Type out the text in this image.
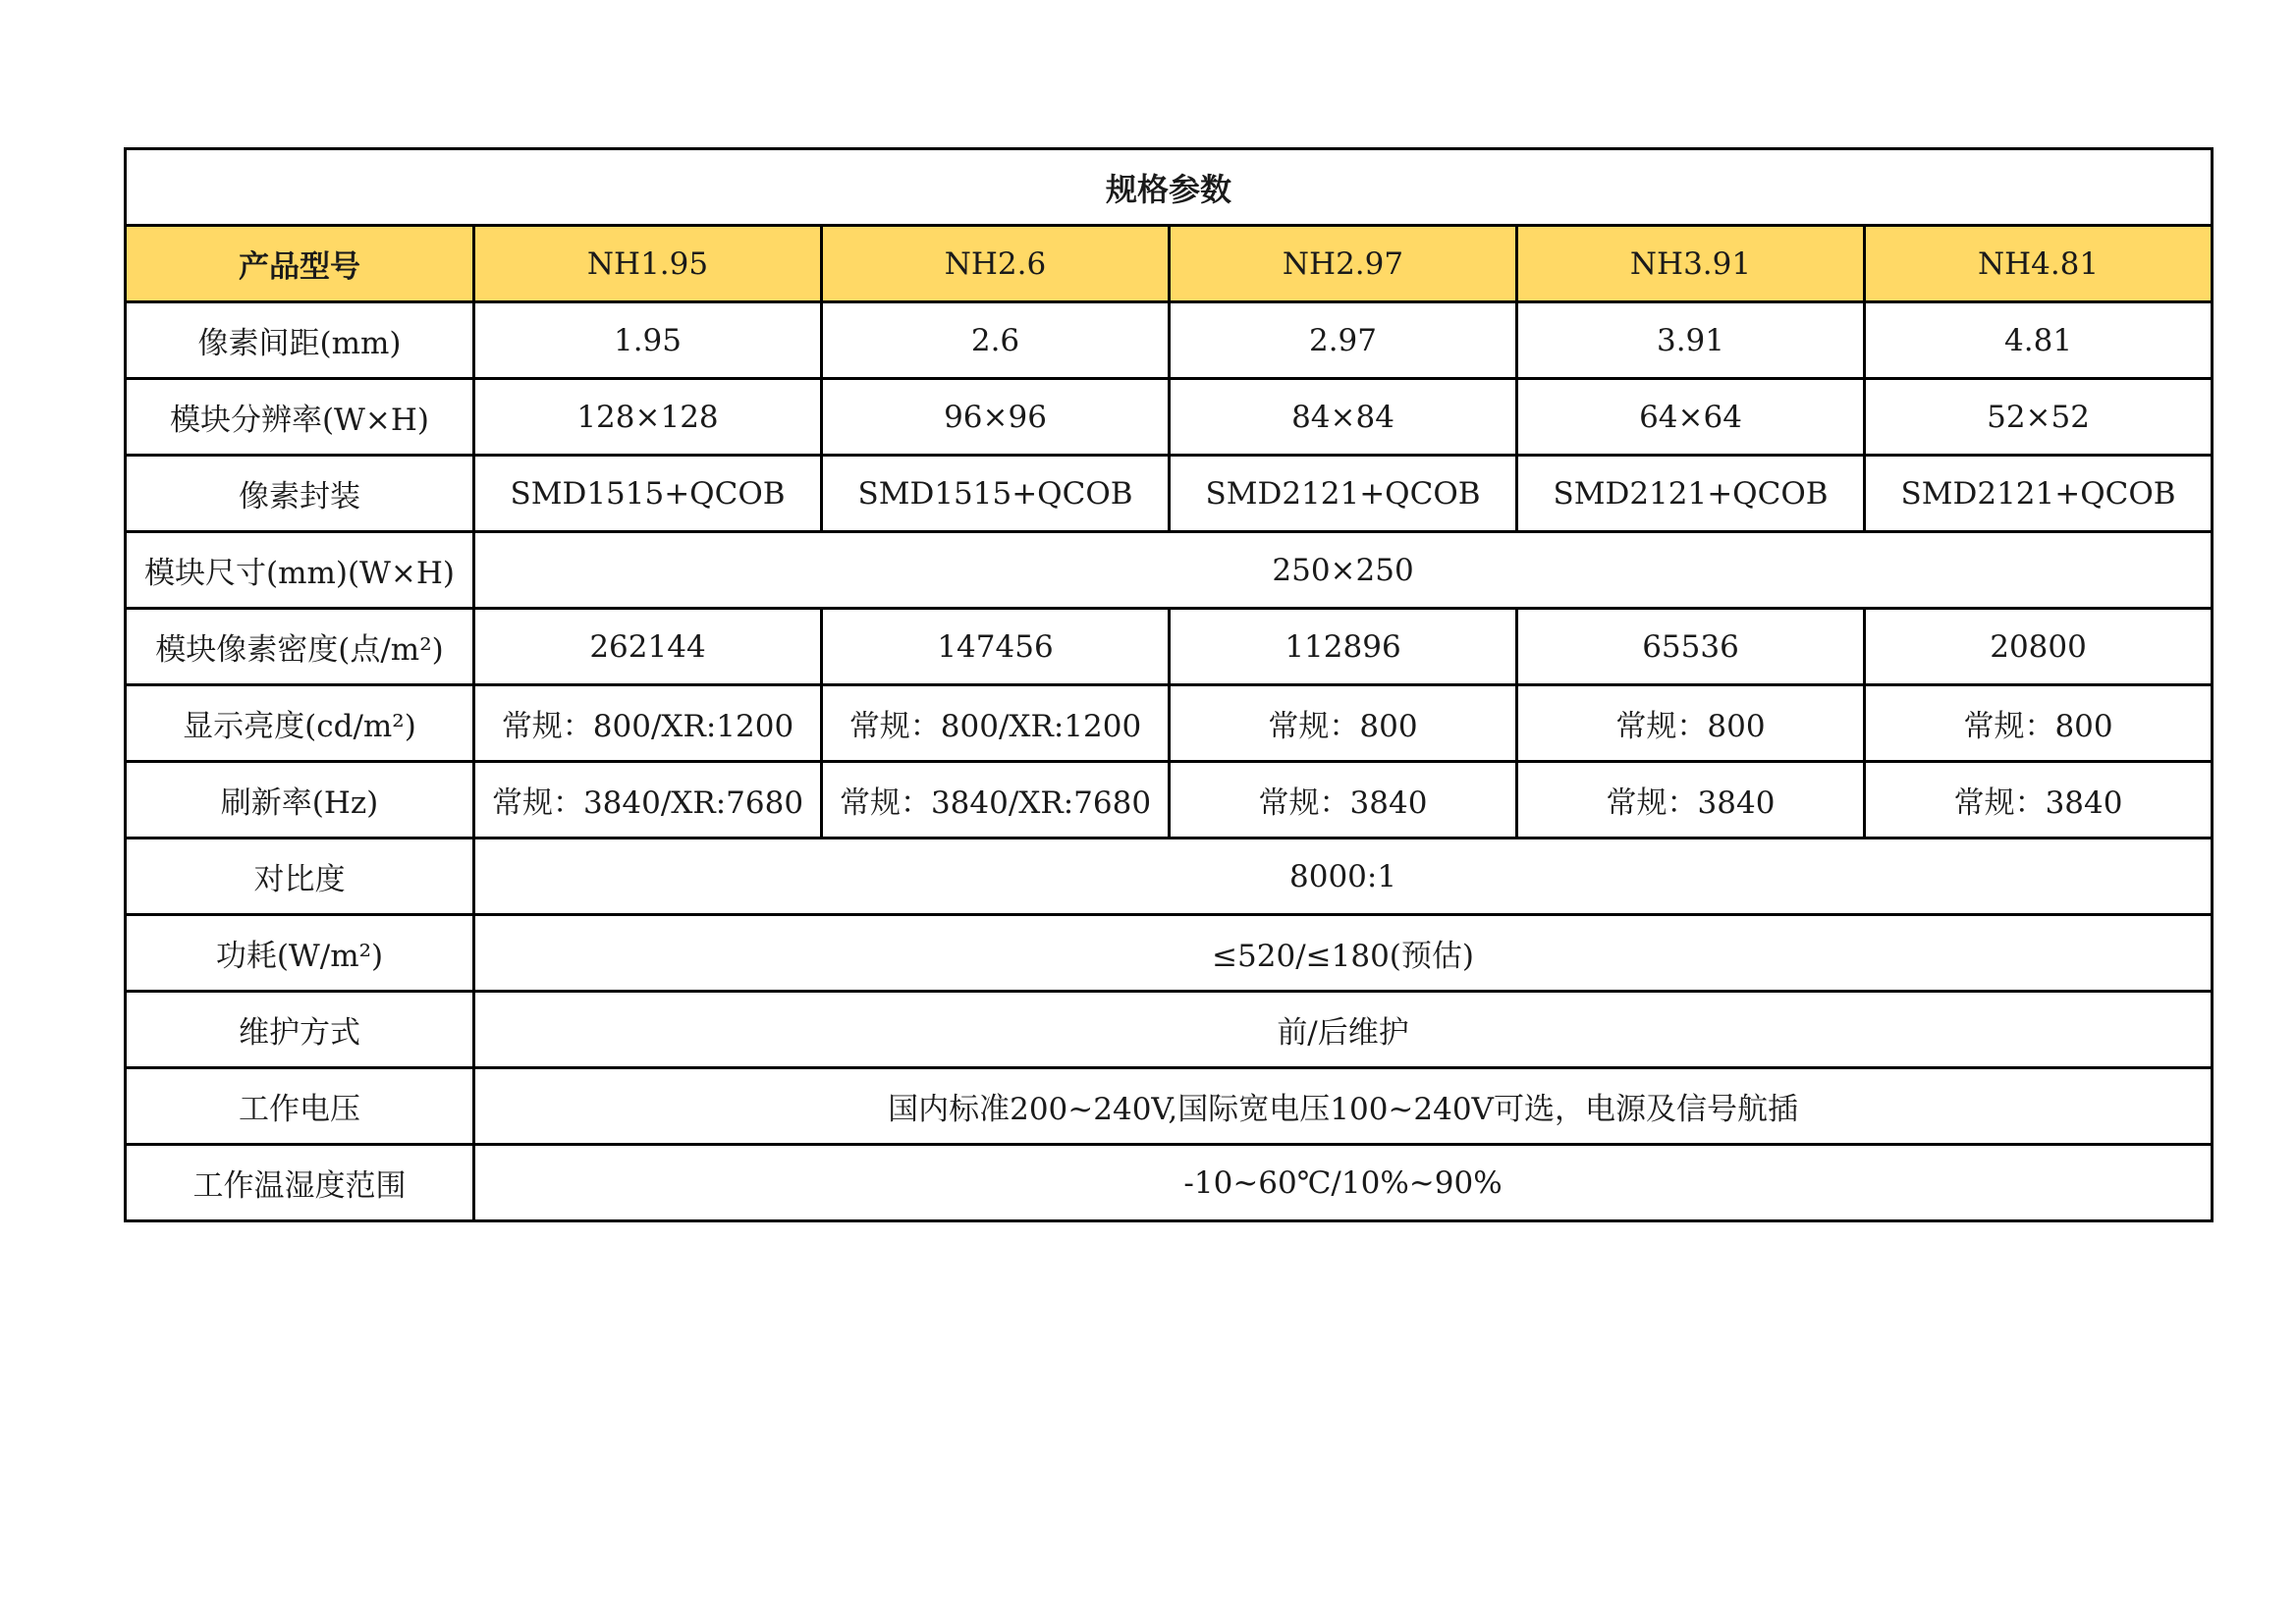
规格参数					
产品型号	NH1.95	NH2.6	NH2.97	NH3.91	NH4.81
像素间距(mm)	1.95	2.6	2.97	3.91	4.81
模块分辨率(W×H)	128×128	96×96	84×84	64×64	52×52
像素封装	SMD1515+QCOB	SMD1515+QCOB	SMD2121+QCOB	SMD2121+QCOB	SMD2121+QCOB
模块尺寸(mm)(W×H)	250×250				
模块像素密度(点/m²)	262144	147456	112896	65536	20800
显示亮度(cd/m²)	常规：800/XR:1200	常规：800/XR:1200	常规：800	常规：800	常规：800
刷新率(Hz)	常规：3840/XR:7680	常规：3840/XR:7680	常规：3840	常规：3840	常规：3840
对比度	8000:1				
功耗(W/m²)	≤520/≤180(预估)				
维护方式	前/后维护				
工作电压	国内标准200~240V,国际宽电压100~240V可选，电源及信号航插				
工作温湿度范围	-10~60℃/10%~90%				
